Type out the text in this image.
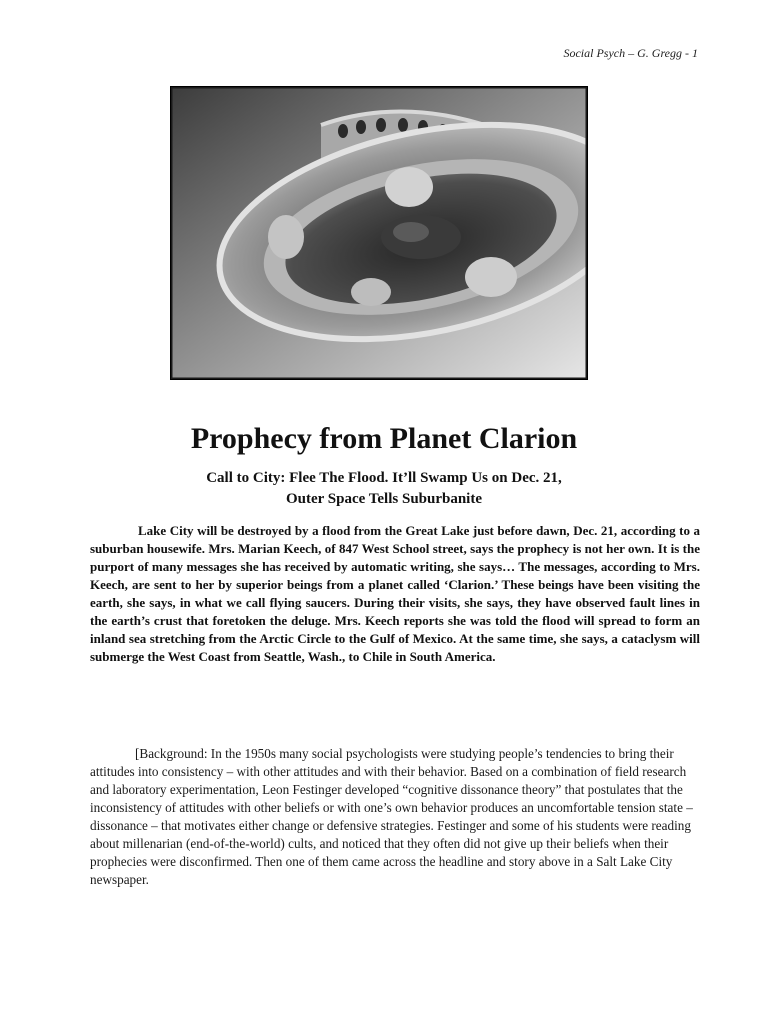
Social Psych – G. Gregg - 1
Prophecy from Planet Clarion
Call to City: Flee The Flood. It’ll Swamp Us on Dec. 21,
Outer Space Tells Suburbanite

Lake City will be destroyed by a flood from the Great Lake just before dawn, Dec. 21, according to a suburban housewife. Mrs. Marian Keech, of 847 West School street, says the prophecy is not her own. It is the purport of many messages she has received by automatic writing, she says… The messages, according to Mrs. Keech, are sent to her by superior beings from a planet called ‘Clarion.’ These beings have been visiting the earth, she says, in what we call flying saucers. During their visits, she says, they have observed fault lines in the earth’s crust that foretoken the deluge. Mrs. Keech reports she was told the flood will spread to form an inland sea stretching from the Arctic Circle to the Gulf of Mexico. At the same time, she says, a cataclysm will submerge the West Coast from Seattle, Wash., to Chile in South America.

[Background: In the 1950s many social psychologists were studying people’s tendencies to bring their attitudes into consistency – with other attitudes and with their behavior. Based on a combination of field research and laboratory experimentation, Leon Festinger developed “cognitive dissonance theory” that postulates that the inconsistency of attitudes with other beliefs or with one’s own behavior produces an uncomfortable tension state – dissonance – that motivates either change or defensive strategies. Festinger and some of his students were reading about millenarian (end-of-the-world) cults, and noticed that they often did not give up their beliefs when their prophecies were disconfirmed. Then one of them came across the headline and story above in a Salt Lake City newspaper.
